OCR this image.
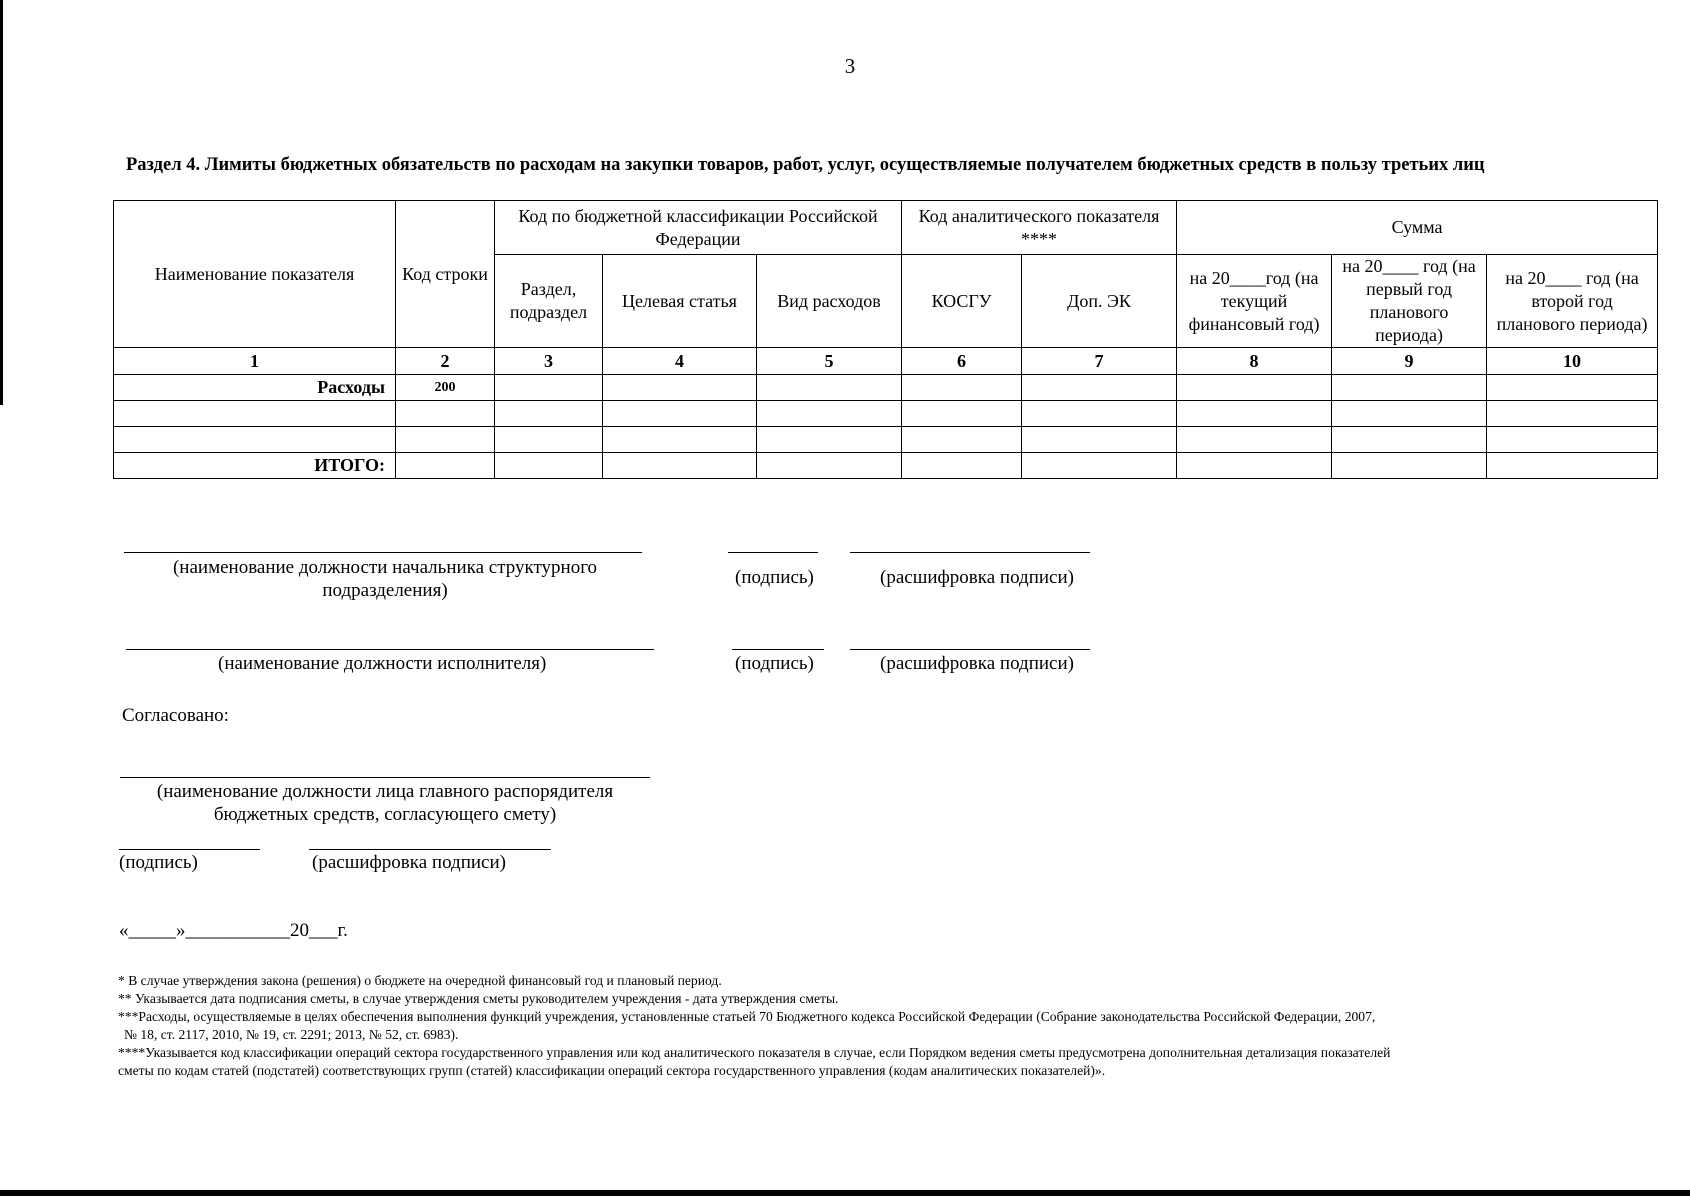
3
Раздел 4. Лимиты бюджетных обязательств по расходам на закупки товаров, работ, услуг, осуществляемые получателем бюджетных средств в пользу третьих лиц
Наименование показателя	Код строки	Код по бюджетной классификации Российской Федерации			Код аналитического показателя ****		Сумма		
		Раздел, подраздел	Целевая статья	Вид расходов	КОСГУ	Доп. ЭК	на 20____год (на текущий финансовый год)	на 20____ год (на первый год планового периода)	на 20____ год (на второй год планового периода)
1	2	3	4	5	6	7	8	9	10
Расходы	200								

ИТОГО:									
(наименование должности начальника структурного подразделения)
(подпись)	(расшифровка подписи)
(наименование должности исполнителя)	(подпись)	(расшифровка подписи)
Согласовано:
(наименование должности лица главного распорядителя бюджетных средств, согласующего смету)
(подпись)	(расшифровка подписи)
«_____»___________20___г.

* В случае утверждения закона (решения) о бюджете на очередной финансовый год и плановый период.

** Указывается дата подписания сметы, в случае утверждения сметы руководителем учреждения - дата утверждения сметы.

***Расходы, осуществляемые в целях обеспечения выполнения функций учреждения, установленные статьей 70 Бюджетного кодекса Российской Федерации (Собрание законодательства Российской Федерации, 2007,

№ 18, ст. 2117, 2010, № 19, ст. 2291; 2013, № 52, ст. 6983).

****Указывается код классификации операций сектора государственного управления или код аналитического показателя в случае, если Порядком ведения сметы предусмотрена дополнительная детализация показателей

сметы по кодам статей (подстатей) соответствующих групп (статей) классификации операций сектора государственного управления (кодам аналитических показателей)».
